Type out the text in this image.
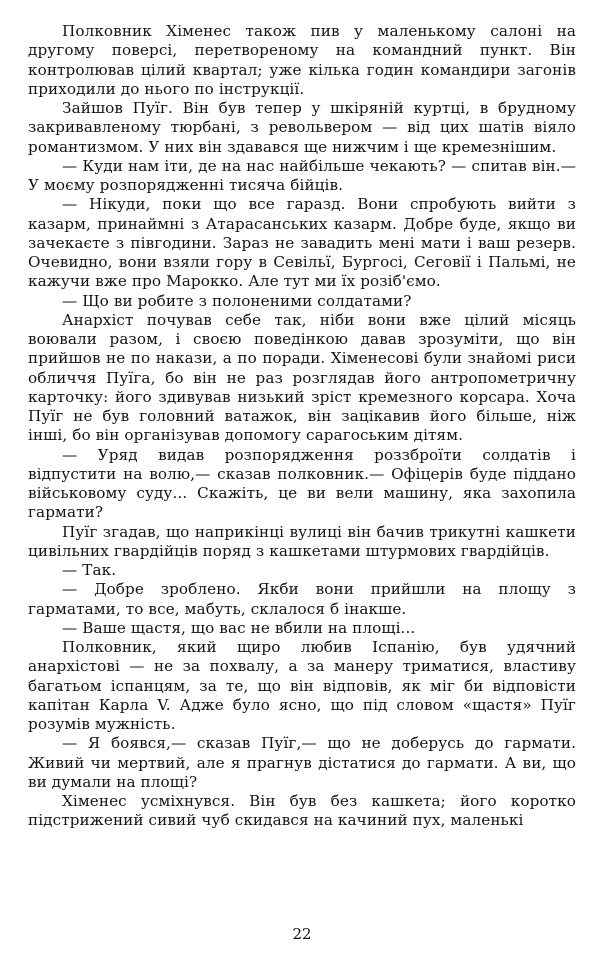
Полковник Хіменес також пив у маленькому салоні на другому поверсі, перетвореному на командний пункт. Він контролював цілий квартал; уже кілька годин командири загонів приходили до нього по інструкції.

Зайшов Пуїг. Він був тепер у шкіряній куртці, в брудному закривавленому тюрбані, з револьвером — від цих шатів віяло романтизмом. У них він здавався ще нижчим і ще кремезнішим.

— Куди нам іти, де на нас найбільше чекають? — спитав він.— У моєму розпорядженні тисяча бійців.

— Нікуди, поки що все гаразд. Вони спробують вийти з казарм, принаймні з Атарасанських казарм. Добре буде, якщо ви зачекаєте з півгодини. Зараз не завадить мені мати і ваш резерв. Очевидно, вони взяли гору в Севільї, Бургосі, Сеговії і Пальмі, не кажучи вже про Марокко. Але тут ми їх розіб'ємо.

— Що ви робите з полоненими солдатами?

Анархіст почував себе так, ніби вони вже цілий місяць воювали разом, і своєю поведінкою давав зрозуміти, що він прийшов не по накази, а по поради. Хіменесові були знайомі риси обличчя Пуїга, бо він не раз розглядав його антропометричну карточку: його здивував низький зріст кремезного корсара. Хоча Пуїг не був головний ватажок, він зацікавив його більше, ніж інші, бо він організував допомогу сарагоським дітям.

— Уряд видав розпорядження роззброїти солдатів і відпустити на волю,— сказав полковник.— Офіцерів буде піддано військовому суду... Скажіть, це ви вели машину, яка захопила гармати?

Пуїг згадав, що наприкінці вулиці він бачив трикутні кашкети цивільних гвардійців поряд з кашкетами штурмових гвардійців.

— Так.

— Добре зроблено. Якби вони прийшли на площу з гарматами, то все, мабуть, склалося б інакше.

— Ваше щастя, що вас не вбили на площі...

Полковник, який щиро любив Іспанію, був удячний анархістові — не за похвалу, а за манеру триматися, властиву багатьом іспанцям, за те, що він відповів, як міг би відповісти капітан Карла V. Адже було ясно, що під словом «щастя» Пуїг розумів мужність.

— Я боявся,— сказав Пуїг,— що не доберусь до гармати. Живий чи мертвий, але я прагнув дістатися до гармати. А ви, що ви думали на площі?

Хіменес усміхнувся. Він був без кашкета; його коротко підстрижений сивий чуб скидався на качиний пух, маленькі

22
